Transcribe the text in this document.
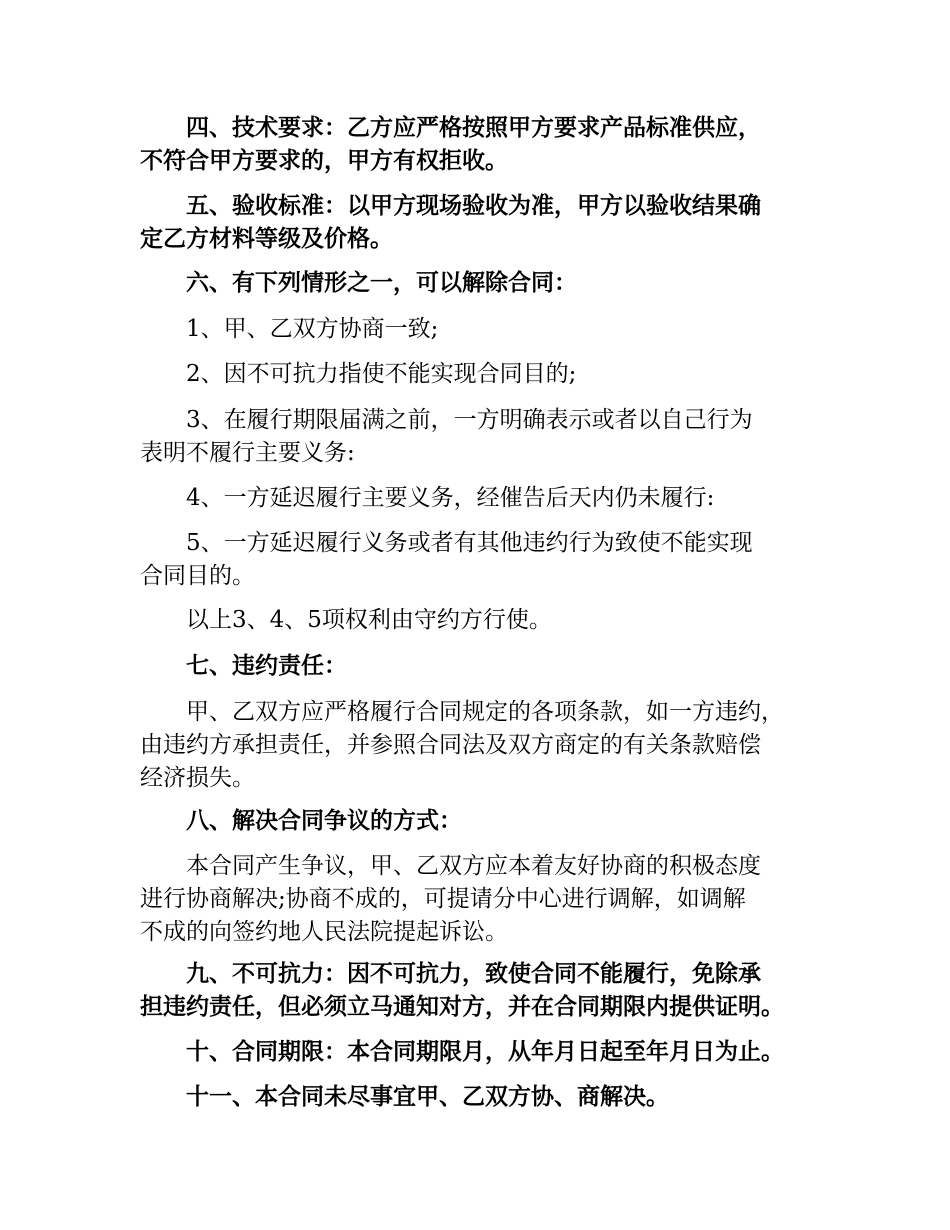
四、技术要求：乙方应严格按照甲方要求产品标准供应，
不符合甲方要求的，甲方有权拒收。

五、验收标准：以甲方现场验收为准，甲方以验收结果确
定乙方材料等级及价格。

六、有下列情形之一，可以解除合同：

1、甲、乙双方协商一致;

2、因不可抗力指使不能实现合同目的;

3、在履行期限届满之前，一方明确表示或者以自己行为
表明不履行主要义务:

4、一方延迟履行主要义务，经催告后天内仍未履行:

5、一方延迟履行义务或者有其他违约行为致使不能实现
合同目的。

以上3、4、5项权利由守约方行使。

七、违约责任：

甲、乙双方应严格履行合同规定的各项条款，如一方违约，
由违约方承担责任，并参照合同法及双方商定的有关条款赔偿
经济损失。

八、解决合同争议的方式：

本合同产生争议，甲、乙双方应本着友好协商的积极态度
进行协商解决;协商不成的，可提请分中心进行调解，如调解
不成的向签约地人民法院提起诉讼。

九、不可抗力：因不可抗力，致使合同不能履行，免除承
担违约责任，但必须立马通知对方，并在合同期限内提供证明。

十、合同期限：本合同期限月，从年月日起至年月日为止。

十一、本合同未尽事宜甲、乙双方协、商解决。
